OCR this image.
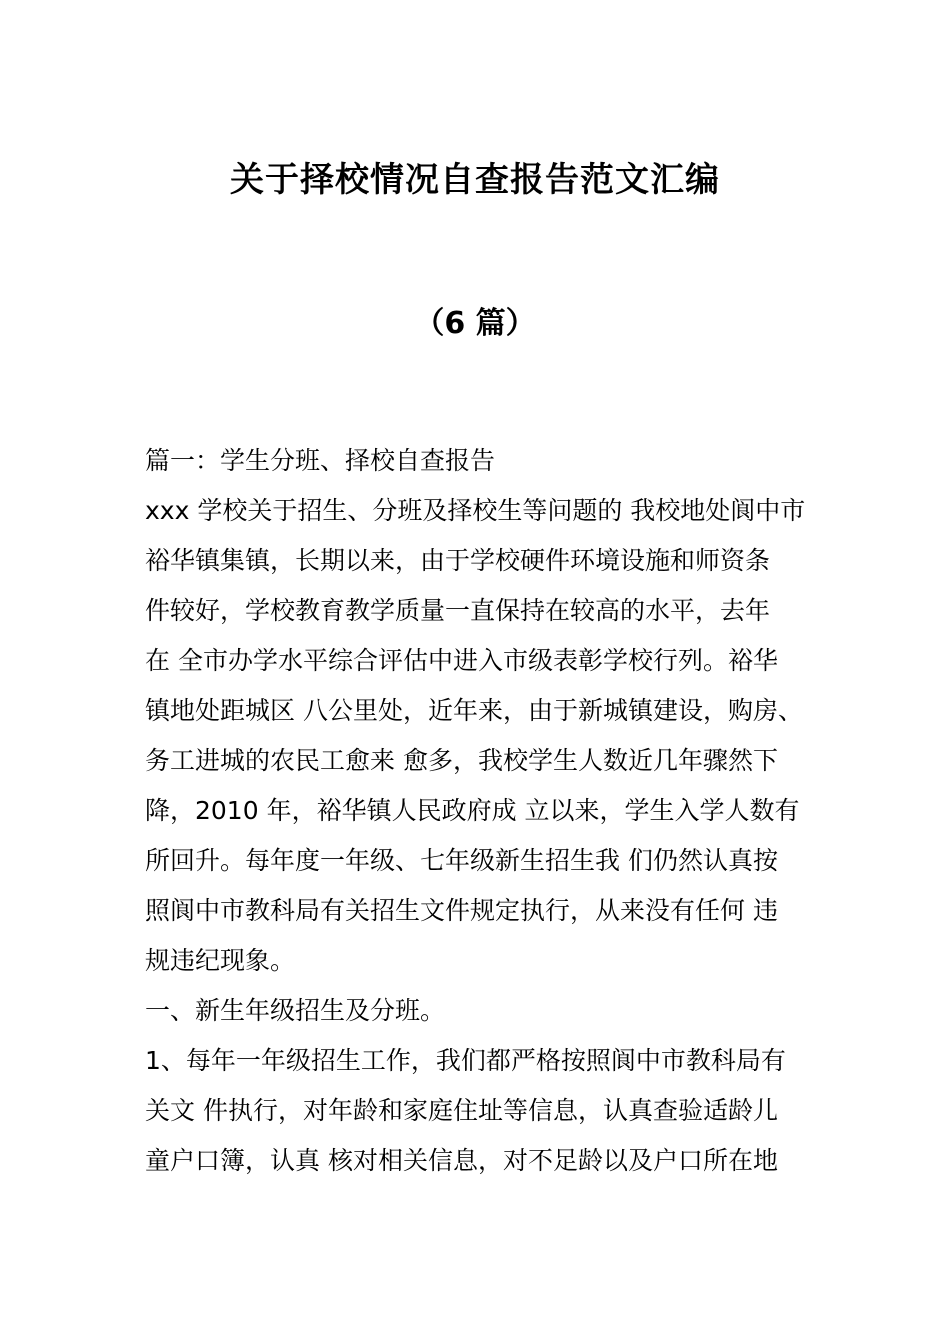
关于择校情况自查报告范文汇编
（6 篇）
篇一：学生分班、择校自查报告
xxx 学校关于招生、分班及择校生等问题的 我校地处阆中市
裕华镇集镇，长期以来，由于学校硬件环境设施和师资条
件较好，学校教育教学质量一直保持在较高的水平，去年
在 全市办学水平综合评估中进入市级表彰学校行列。裕华
镇地处距城区 八公里处，近年来，由于新城镇建设，购房、
务工进城的农民工愈来 愈多，我校学生人数近几年骤然下
降，2010 年，裕华镇人民政府成 立以来，学生入学人数有
所回升。每年度一年级、七年级新生招生我 们仍然认真按
照阆中市教科局有关招生文件规定执行，从来没有任何 违
规违纪现象。
一、新生年级招生及分班。
1、每年一年级招生工作，我们都严格按照阆中市教科局有
关文 件执行，对年龄和家庭住址等信息，认真查验适龄儿
童户口簿，认真 核对相关信息，对不足龄以及户口所在地
